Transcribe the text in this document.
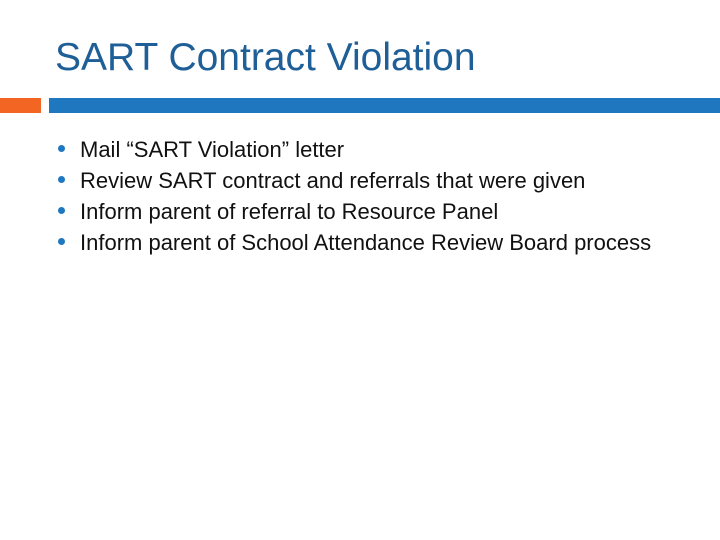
SART Contract Violation
Mail “SART Violation” letter
Review SART contract and referrals that were given
Inform parent of referral to Resource Panel
Inform parent of School Attendance Review Board process
